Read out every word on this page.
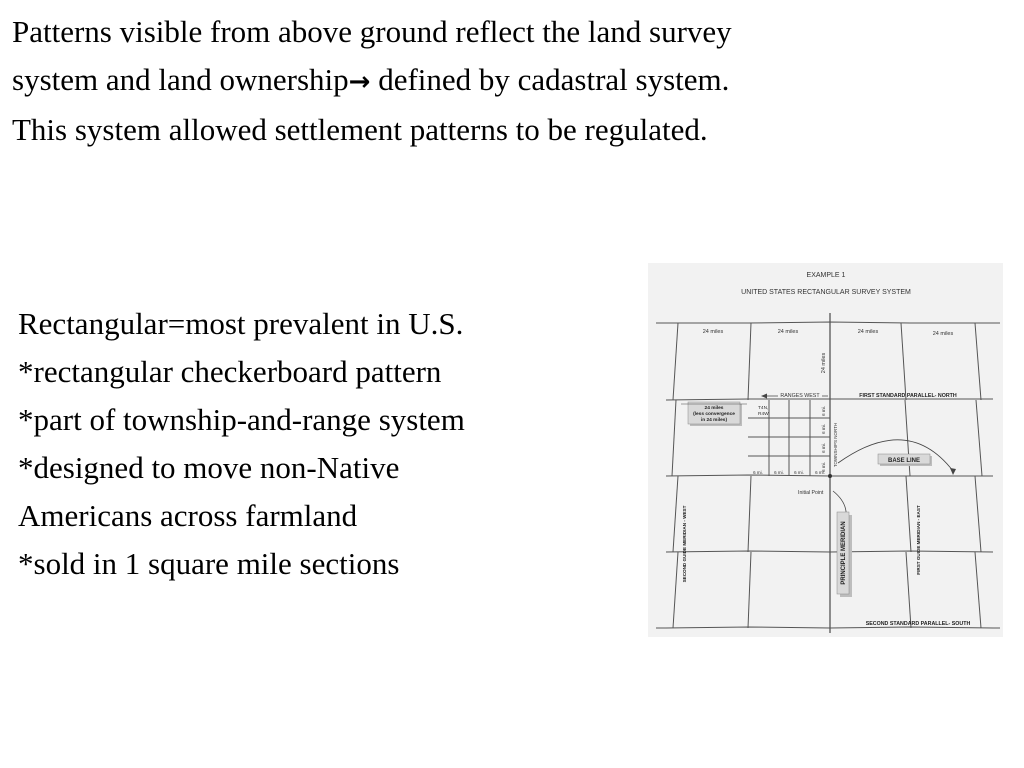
Patterns visible from above ground reflect the land survey
system and land ownership→ defined by cadastral system.
This system allowed settlement patterns to be regulated.
Rectangular=most prevalent in U.S.
*rectangular checkerboard pattern
*part of township-and-range system
*designed to move non-Native
Americans across farmland
*sold in 1 square mile sections
EXAMPLE 1
UNITED STATES RECTANGULAR SURVEY SYSTEM
24 miles	24 miles	24 miles	24 miles
24 miles
RANGES WEST	FIRST STANDARD PARALLEL- NORTH
24 miles
(less convergence
in 24 miles)
T4N,
R4W	6 mi.
6 mi.
6 mi.
6 mi. TOWNSHIPS NORTH
6 mi. 6 mi. 6 mi. 6 mi.
BASE LINE
Initial Point
PRINCIPLE MERIDIAN
SECOND GUIDE MERIDIAN - WEST	FIRST GUIDE MERIDIAN - EAST
SECOND STANDARD PARALLEL- SOUTH
